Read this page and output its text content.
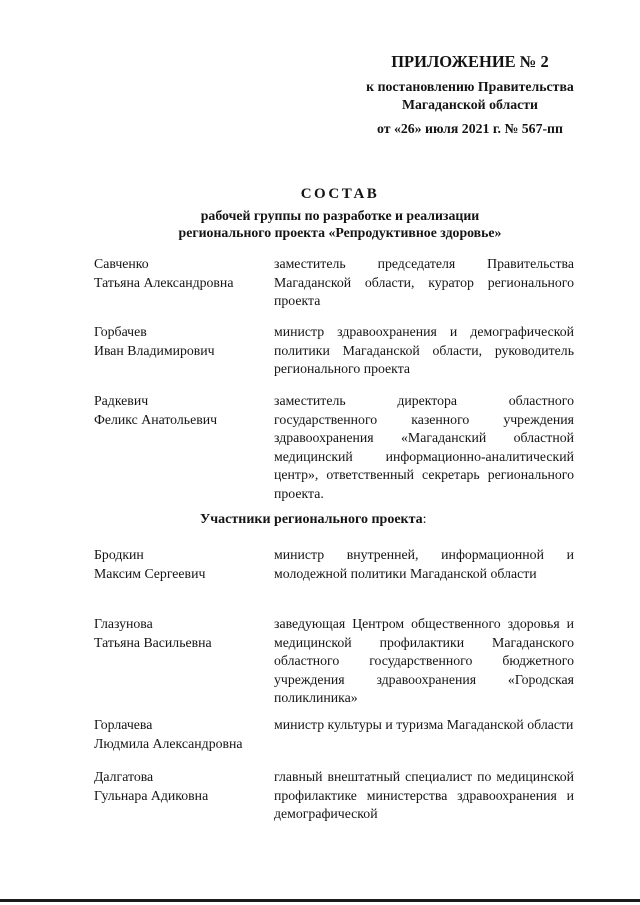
ПРИЛОЖЕНИЕ № 2
к постановлению Правительства
Магаданской области
от «26» июля 2021 г. № 567-пп
СОСТАВ
рабочей группы по разработке и реализации
регионального проекта «Репродуктивное здоровье»
Савченко
Татьяна Александровна
заместитель председателя Правительства Магаданской области, куратор регионального проекта
Горбачев
Иван Владимирович
министр здравоохранения и демографической политики Магаданской области, руководитель регионального проекта
Радкевич
Феликс Анатольевич
заместитель директора областного государственного казенного учреждения здравоохранения «Магаданский областной медицинский информационно-аналитический центр», ответственный секретарь регионального проекта.
Участники регионального проекта:
Бродкин
Максим Сергеевич
министр внутренней, информационной и молодежной политики Магаданской области
Глазунова
Татьяна Васильевна
заведующая Центром общественного здоровья и медицинской профилактики Магаданского областного государственного бюджетного учреждения здравоохранения «Городская поликлиника»
Горлачева
Людмила Александровна
министр культуры и туризма Магаданской области
Далгатова
Гульнара Адиковна
главный внештатный специалист по медицинской профилактике министерства здравоохранения и демографической
